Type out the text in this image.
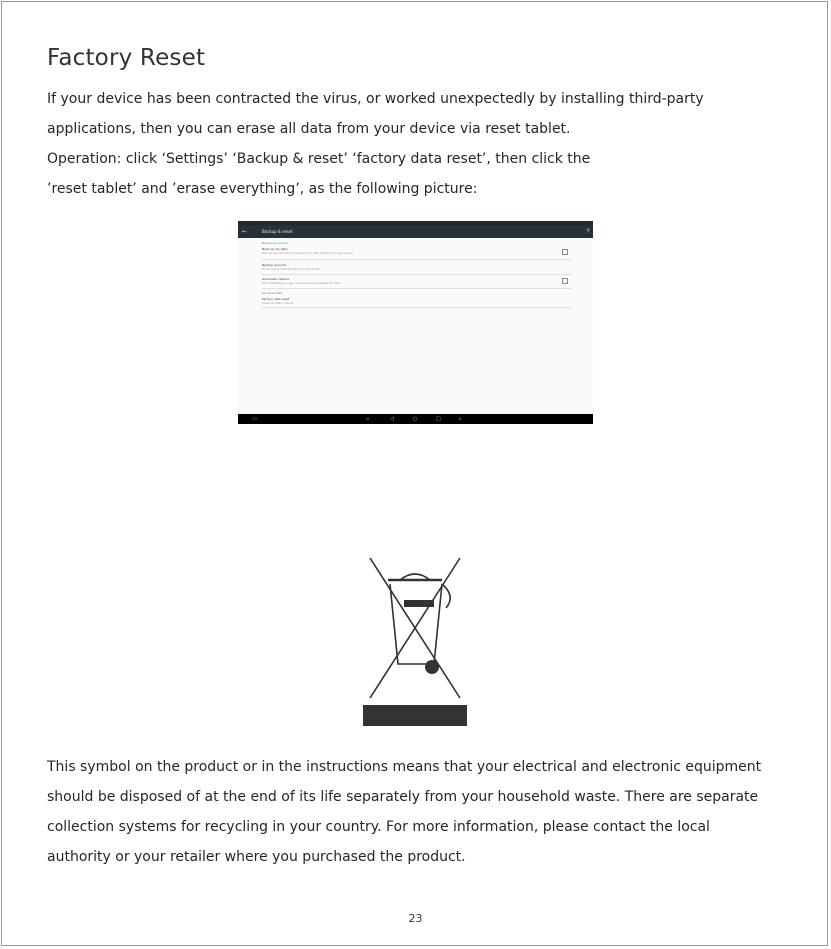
Factory Reset

If your device has been contracted the virus, or worked unexpectedly by installing third-party

applications, then you can erase all data from your device via reset tablet.

Operation: click ‘Settings’ ‘Backup & reset’ ‘factory data reset’, then click the

’reset tablet’ and ’erase everything’, as the following picture:

←	Backup & reset	⚲
Backup & restore
Back up my data
Back up app data, Wi-Fi passwords, and other settings to Google servers
Backup account
No account is currently storing backed up data
Automatic restore
When reinstalling an app, restore backed up settings and data
Personal data
Factory data reset
Erases all data on device
▭	◃	◁	○	□	▹

This symbol on the product or in the instructions means that your electrical and electronic equipment

should be disposed of at the end of its life separately from your household waste. There are separate

collection systems for recycling in your country. For more information, please contact the local

authority or your retailer where you purchased the product.

23
